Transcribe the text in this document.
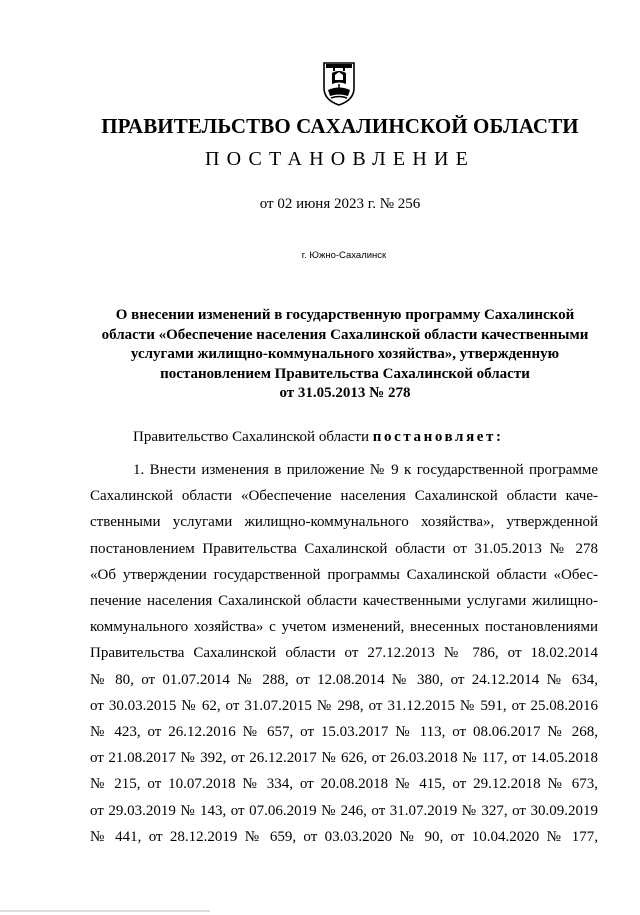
ПРАВИТЕЛЬСТВО САХАЛИНСКОЙ ОБЛАСТИ
ПОСТАНОВЛЕНИЕ
от 02 июня 2023 г. № 256
г. Южно-Сахалинск
О внесении изменений в государственную программу Сахалинской
области «Обеспечение населения Сахалинской области качественными
услугами жилищно-коммунального хозяйства», утвержденную
постановлением Правительства Сахалинской области
от 31.05.2013 № 278
Правительство Сахалинской области постановляет:
1. Внести изменения в приложение № 9 к государственной программе
Сахалинской области «Обеспечение населения Сахалинской области каче-
ственными услугами жилищно-коммунального хозяйства», утвержденной
постановлением Правительства Сахалинской области от 31.05.2013 № 278
«Об утверждении государственной программы Сахалинской области «Обес-
печение населения Сахалинской области качественными услугами жилищно-
коммунального хозяйства» с учетом изменений, внесенных постановлениями
Правительства Сахалинской области от 27.12.2013 № 786, от 18.02.2014
№ 80, от 01.07.2014 № 288, от 12.08.2014 № 380, от 24.12.2014 № 634,
от 30.03.2015 № 62, от 31.07.2015 № 298, от 31.12.2015 № 591, от 25.08.2016
№ 423, от 26.12.2016 № 657, от 15.03.2017 № 113, от 08.06.2017 № 268,
от 21.08.2017 № 392, от 26.12.2017 № 626, от 26.03.2018 № 117, от 14.05.2018
№ 215, от 10.07.2018 № 334, от 20.08.2018 № 415, от 29.12.2018 № 673,
от 29.03.2019 № 143, от 07.06.2019 № 246, от 31.07.2019 № 327, от 30.09.2019
№ 441, от 28.12.2019 № 659, от 03.03.2020 № 90, от 10.04.2020 № 177,
